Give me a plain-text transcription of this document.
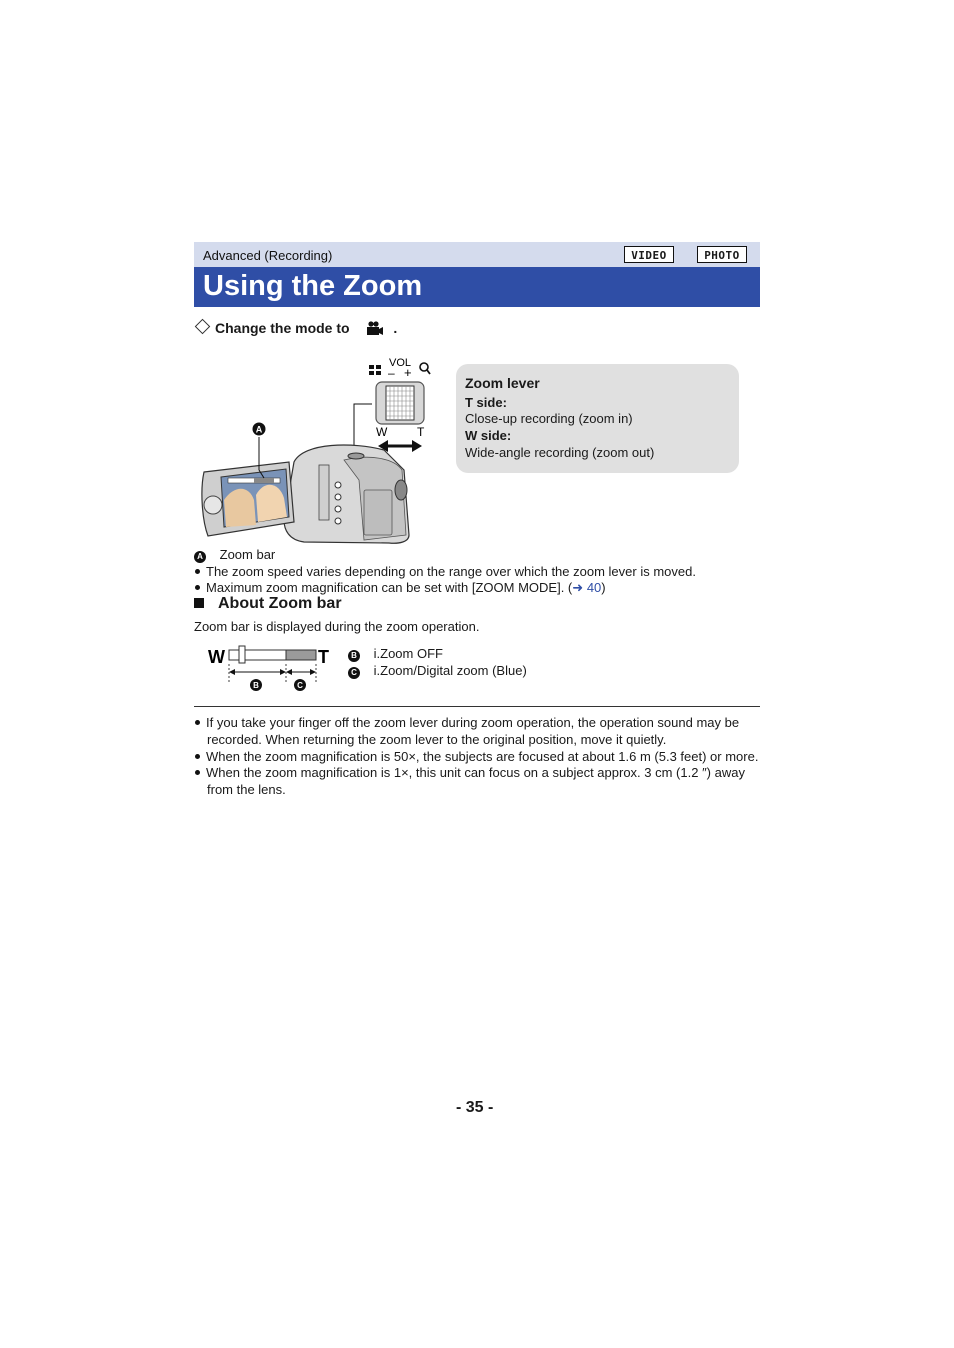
Advanced (Recording)	VIDEO	PHOTO
Using the Zoom
Change the mode to	.
VOL
– +
W T
A
Zoom lever
T side:
Close-up recording (zoom in)
W side:
Wide-angle recording (zoom out)
A Zoom bar
The zoom speed varies depending on the range over which the zoom lever is moved.
Maximum zoom magnification can be set with [ZOOM MODE]. (➜ 40)
About Zoom bar
Zoom bar is displayed during the zoom operation.
W	T
B	C
B i.Zoom OFF
C i.Zoom/Digital zoom (Blue)
If you take your finger off the zoom lever during zoom operation, the operation sound may be
recorded. When returning the zoom lever to the original position, move it quietly.
When the zoom magnification is 50×, the subjects are focused at about 1.6 m (5.3 feet) or more.
When the zoom magnification is 1×, this unit can focus on a subject approx. 3 cm (1.2 ″) away
from the lens.
- 35 -
